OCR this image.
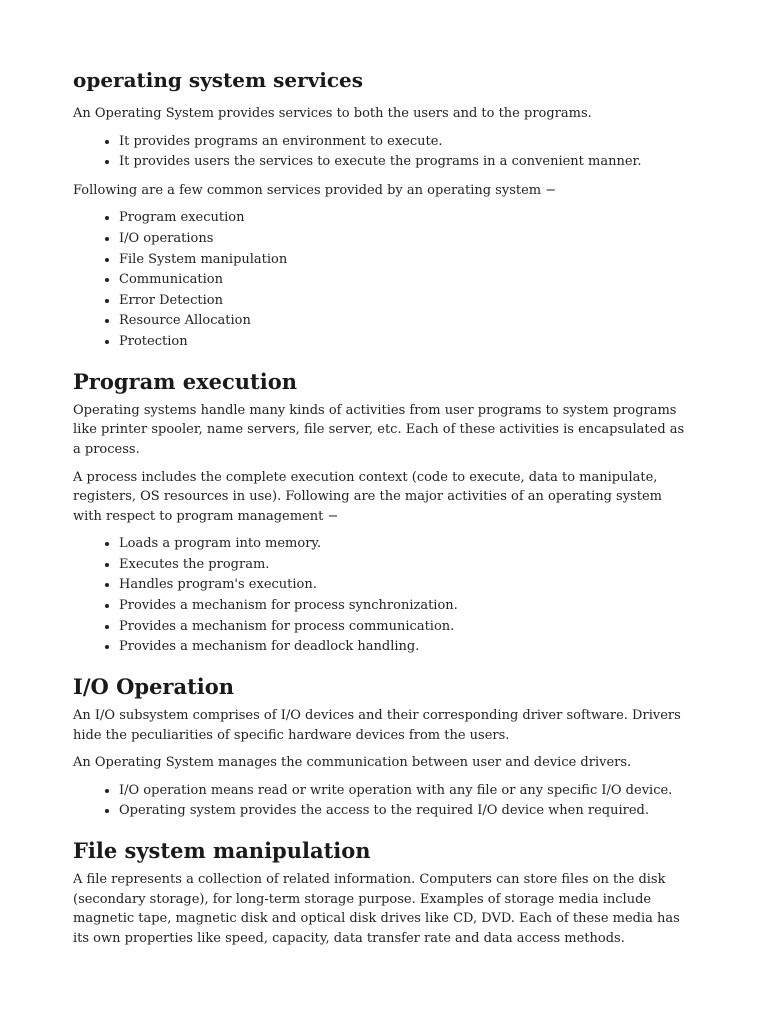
operating system services

An Operating System provides services to both the users and to the programs.

• It provides programs an environment to execute.
• It provides users the services to execute the programs in a convenient manner.

Following are a few common services provided by an operating system −

• Program execution
• I/O operations
• File System manipulation
• Communication
• Error Detection
• Resource Allocation
• Protection
Program execution

Operating systems handle many kinds of activities from user programs to system programs like printer spooler, name servers, file server, etc. Each of these activities is encapsulated as a process.

A process includes the complete execution context (code to execute, data to manipulate, registers, OS resources in use). Following are the major activities of an operating system with respect to program management −

• Loads a program into memory.
• Executes the program.
• Handles program's execution.
• Provides a mechanism for process synchronization.
• Provides a mechanism for process communication.
• Provides a mechanism for deadlock handling.
I/O Operation

An I/O subsystem comprises of I/O devices and their corresponding driver software. Drivers hide the peculiarities of specific hardware devices from the users.

An Operating System manages the communication between user and device drivers.

• I/O operation means read or write operation with any file or any specific I/O device.
• Operating system provides the access to the required I/O device when required.
File system manipulation

A file represents a collection of related information. Computers can store files on the disk (secondary storage), for long-term storage purpose. Examples of storage media include magnetic tape, magnetic disk and optical disk drives like CD, DVD. Each of these media has its own properties like speed, capacity, data transfer rate and data access methods.
